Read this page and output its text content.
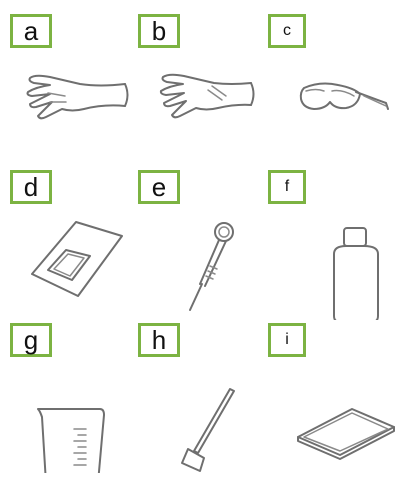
a	b	c
d	e	f
g	h	i
